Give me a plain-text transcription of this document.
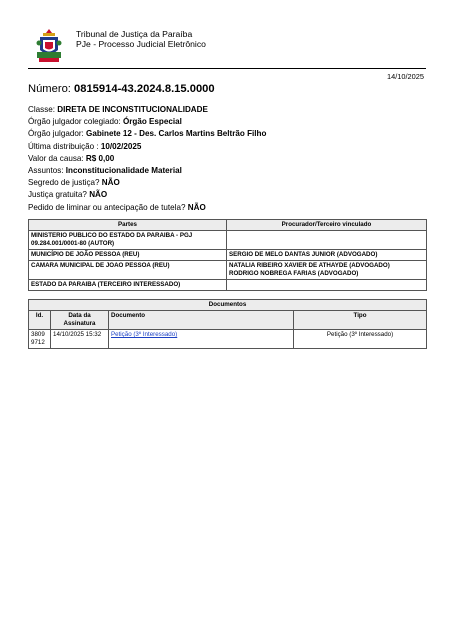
Tribunal de Justiça da Paraíba
PJe - Processo Judicial Eletrônico
14/10/2025
Número: 0815914-43.2024.8.15.0000
Classe: DIRETA DE INCONSTITUCIONALIDADE
Órgão julgador colegiado: Órgão Especial
Órgão julgador: Gabinete 12 - Des. Carlos Martins Beltrão Filho
Última distribuição : 10/02/2025
Valor da causa: R$ 0,00
Assuntos: Inconstitucionalidade Material
Segredo de justiça? NÃO
Justiça gratuita? NÃO
Pedido de liminar ou antecipação de tutela? NÃO
Partes	Procurador/Terceiro vinculado
MINISTERIO PUBLICO DO ESTADO DA PARAIBA - PGJ 09.284.001/0001-80 (AUTOR)	
MUNICÍPIO DE JOÃO PESSOA (REU)	SERGIO DE MELO DANTAS JUNIOR (ADVOGADO)
CAMARA MUNICIPAL DE JOAO PESSOA (REU)	NATALIA RIBEIRO XAVIER DE ATHAYDE (ADVOGADO)
RODRIGO NOBREGA FARIAS (ADVOGADO)

ESTADO DA PARAIBA (TERCEIRO INTERESSADO)	
Documentos			
Id.	Data da Assinatura	Documento	Tipo
38099712	14/10/2025 15:32	Petição (3º Interessado)	Petição (3º Interessado)
